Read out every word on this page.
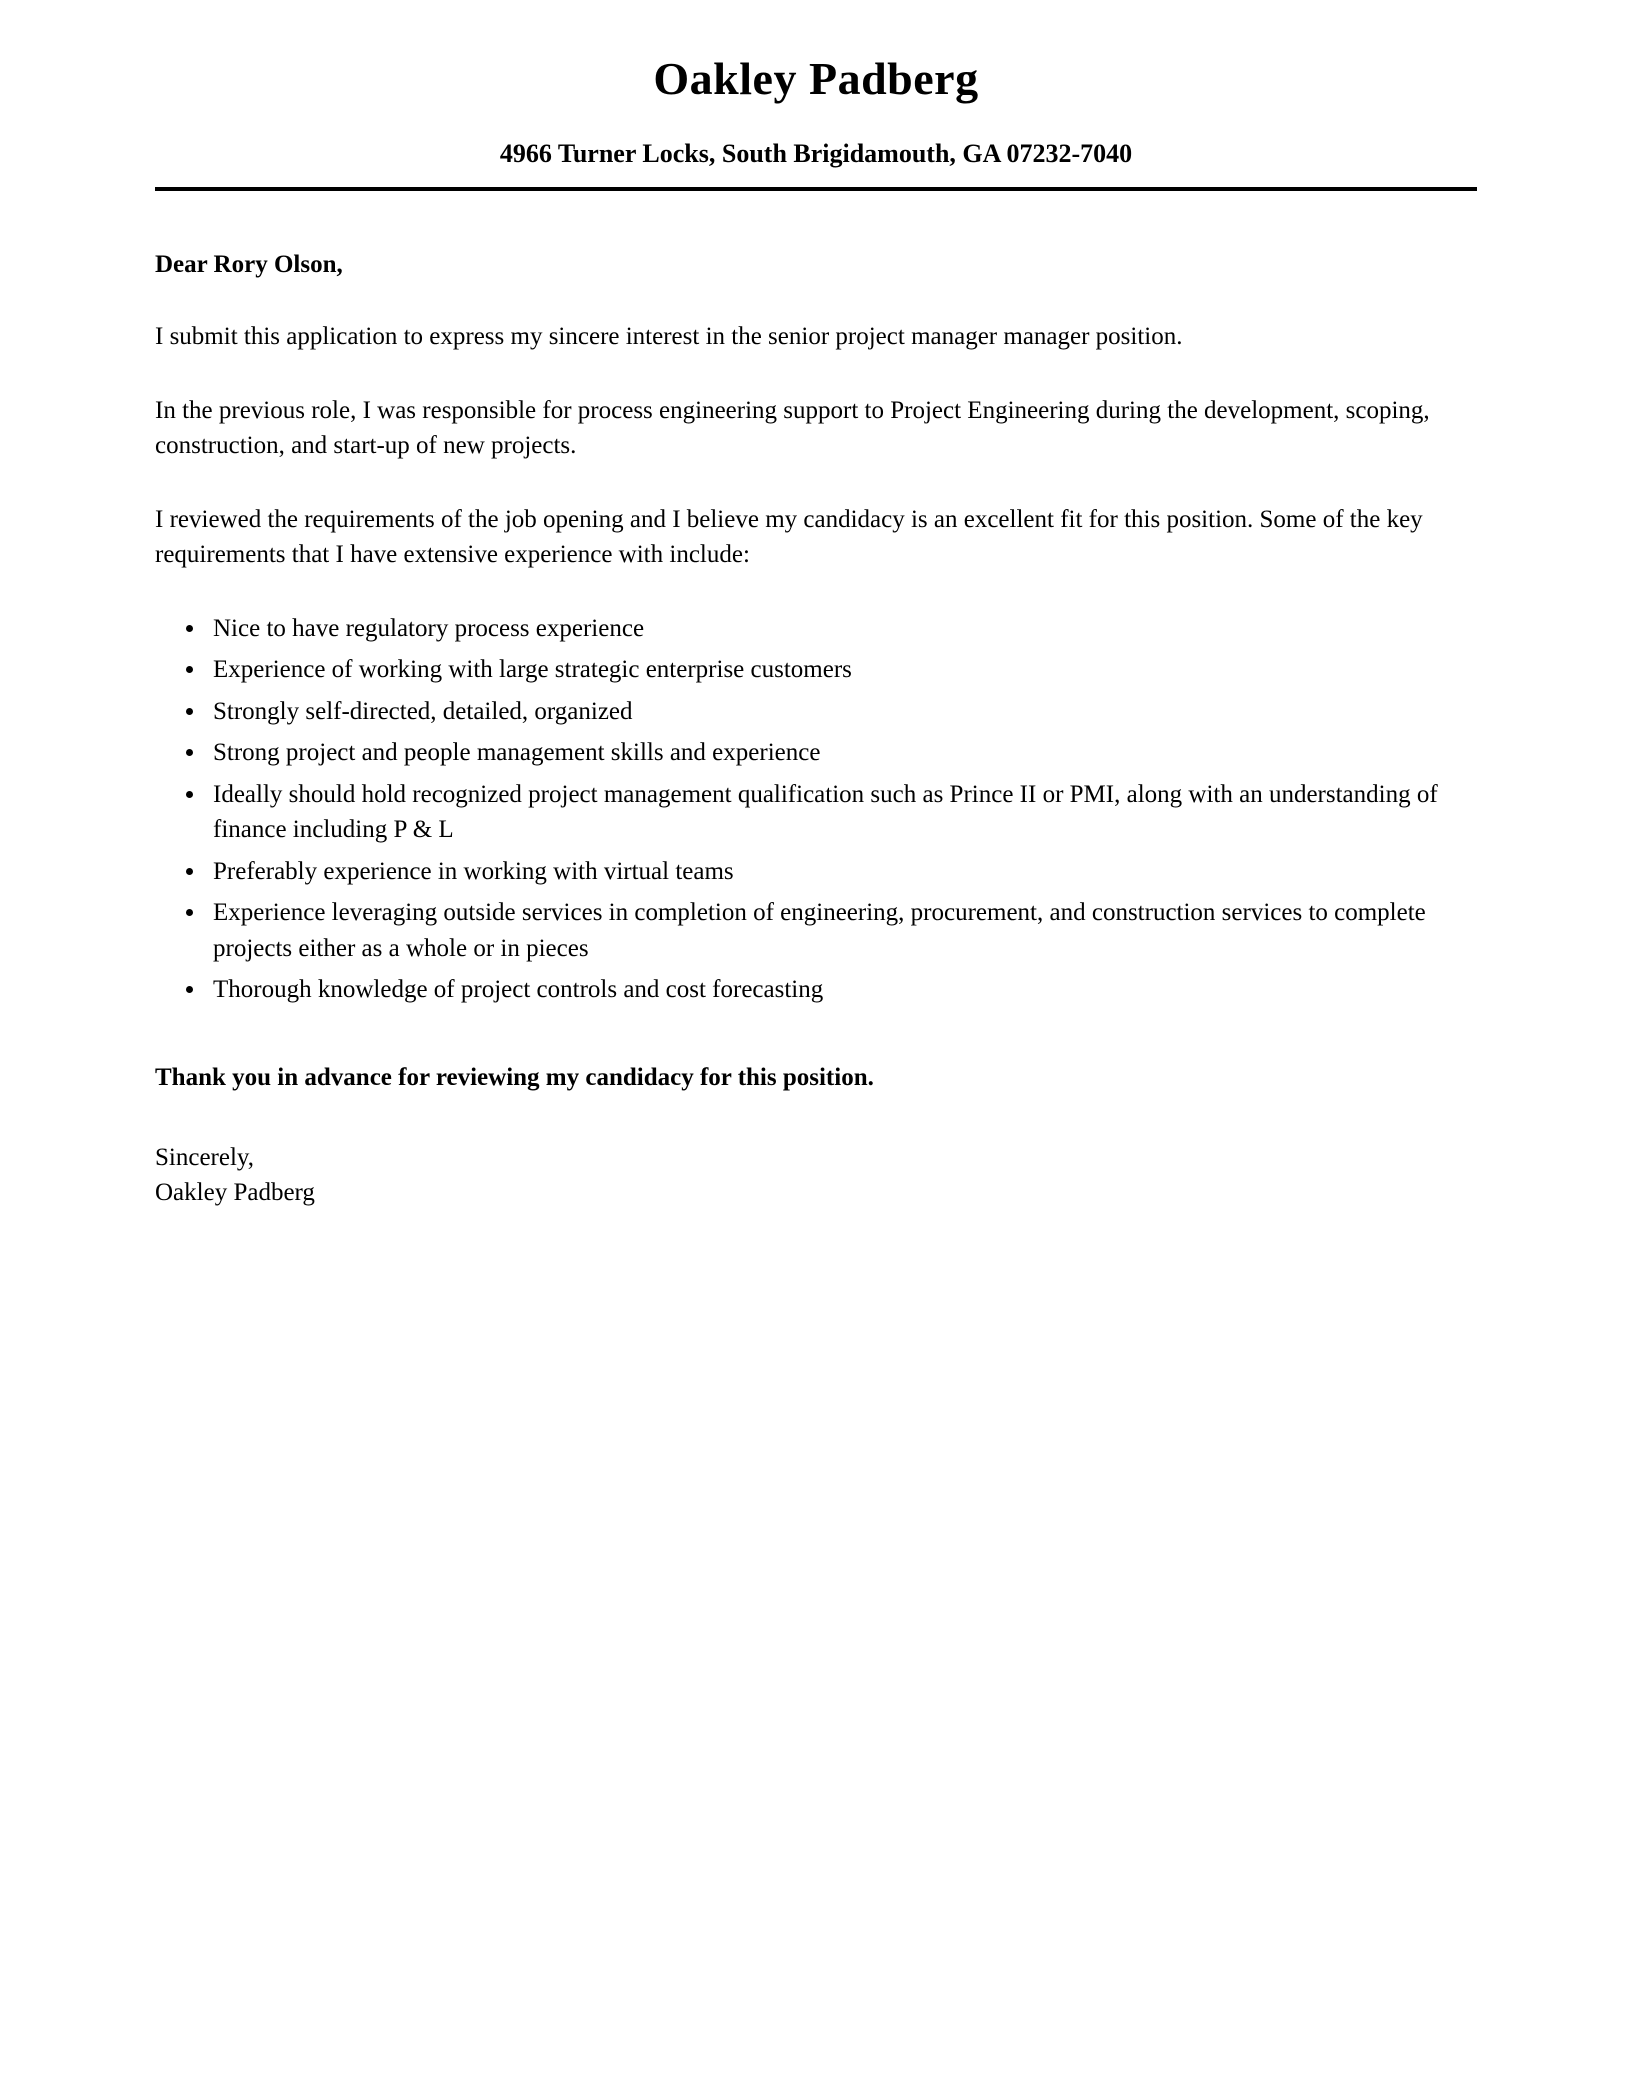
Oakley Padberg
4966 Turner Locks, South Brigidamouth, GA 07232-7040
Dear Rory Olson,

I submit this application to express my sincere interest in the senior project manager manager position.

In the previous role, I was responsible for process engineering support to Project Engineering during the development, scoping, construction, and start-up of new projects.

I reviewed the requirements of the job opening and I believe my candidacy is an excellent fit for this position. Some of the key requirements that I have extensive experience with include:

• Nice to have regulatory process experience
• Experience of working with large strategic enterprise customers
• Strongly self-directed, detailed, organized
• Strong project and people management skills and experience
• Ideally should hold recognized project management qualification such as Prince II or PMI, along with an understanding of finance including P & L
• Preferably experience in working with virtual teams
• Experience leveraging outside services in completion of engineering, procurement, and construction services to complete projects either as a whole or in pieces
• Thorough knowledge of project controls and cost forecasting

Thank you in advance for reviewing my candidacy for this position.

Sincerely,
Oakley Padberg
